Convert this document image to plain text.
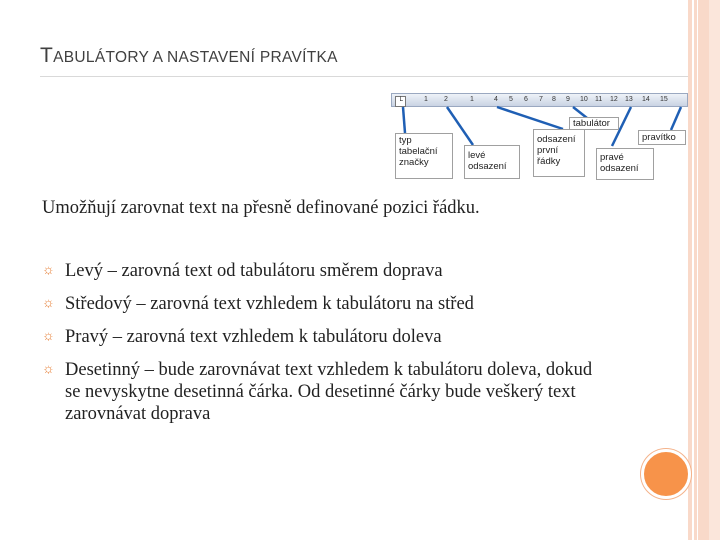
TABULÁTORY A NASTAVENÍ PRAVÍTKA
└	1 2	1	4 5 6 7 8 9 10 11 12 13 14 15
typ
tabelační
značky
levé
odsazení
odsazení
první
řádky
tabulátor
pravé
odsazení
pravítko
Umožňují zarovnat text na přesně definované pozici řádku.
☼ Levý – zarovná text od tabulátoru směrem doprava
☼ Středový – zarovná text vzhledem k tabulátoru na střed
☼ Pravý – zarovná text vzhledem k tabulátoru doleva
☼ Desetinný – bude zarovnávat text vzhledem k tabulátoru doleva, dokud se nevyskytne desetinná čárka. Od desetinné čárky bude veškerý text zarovnávat doprava
